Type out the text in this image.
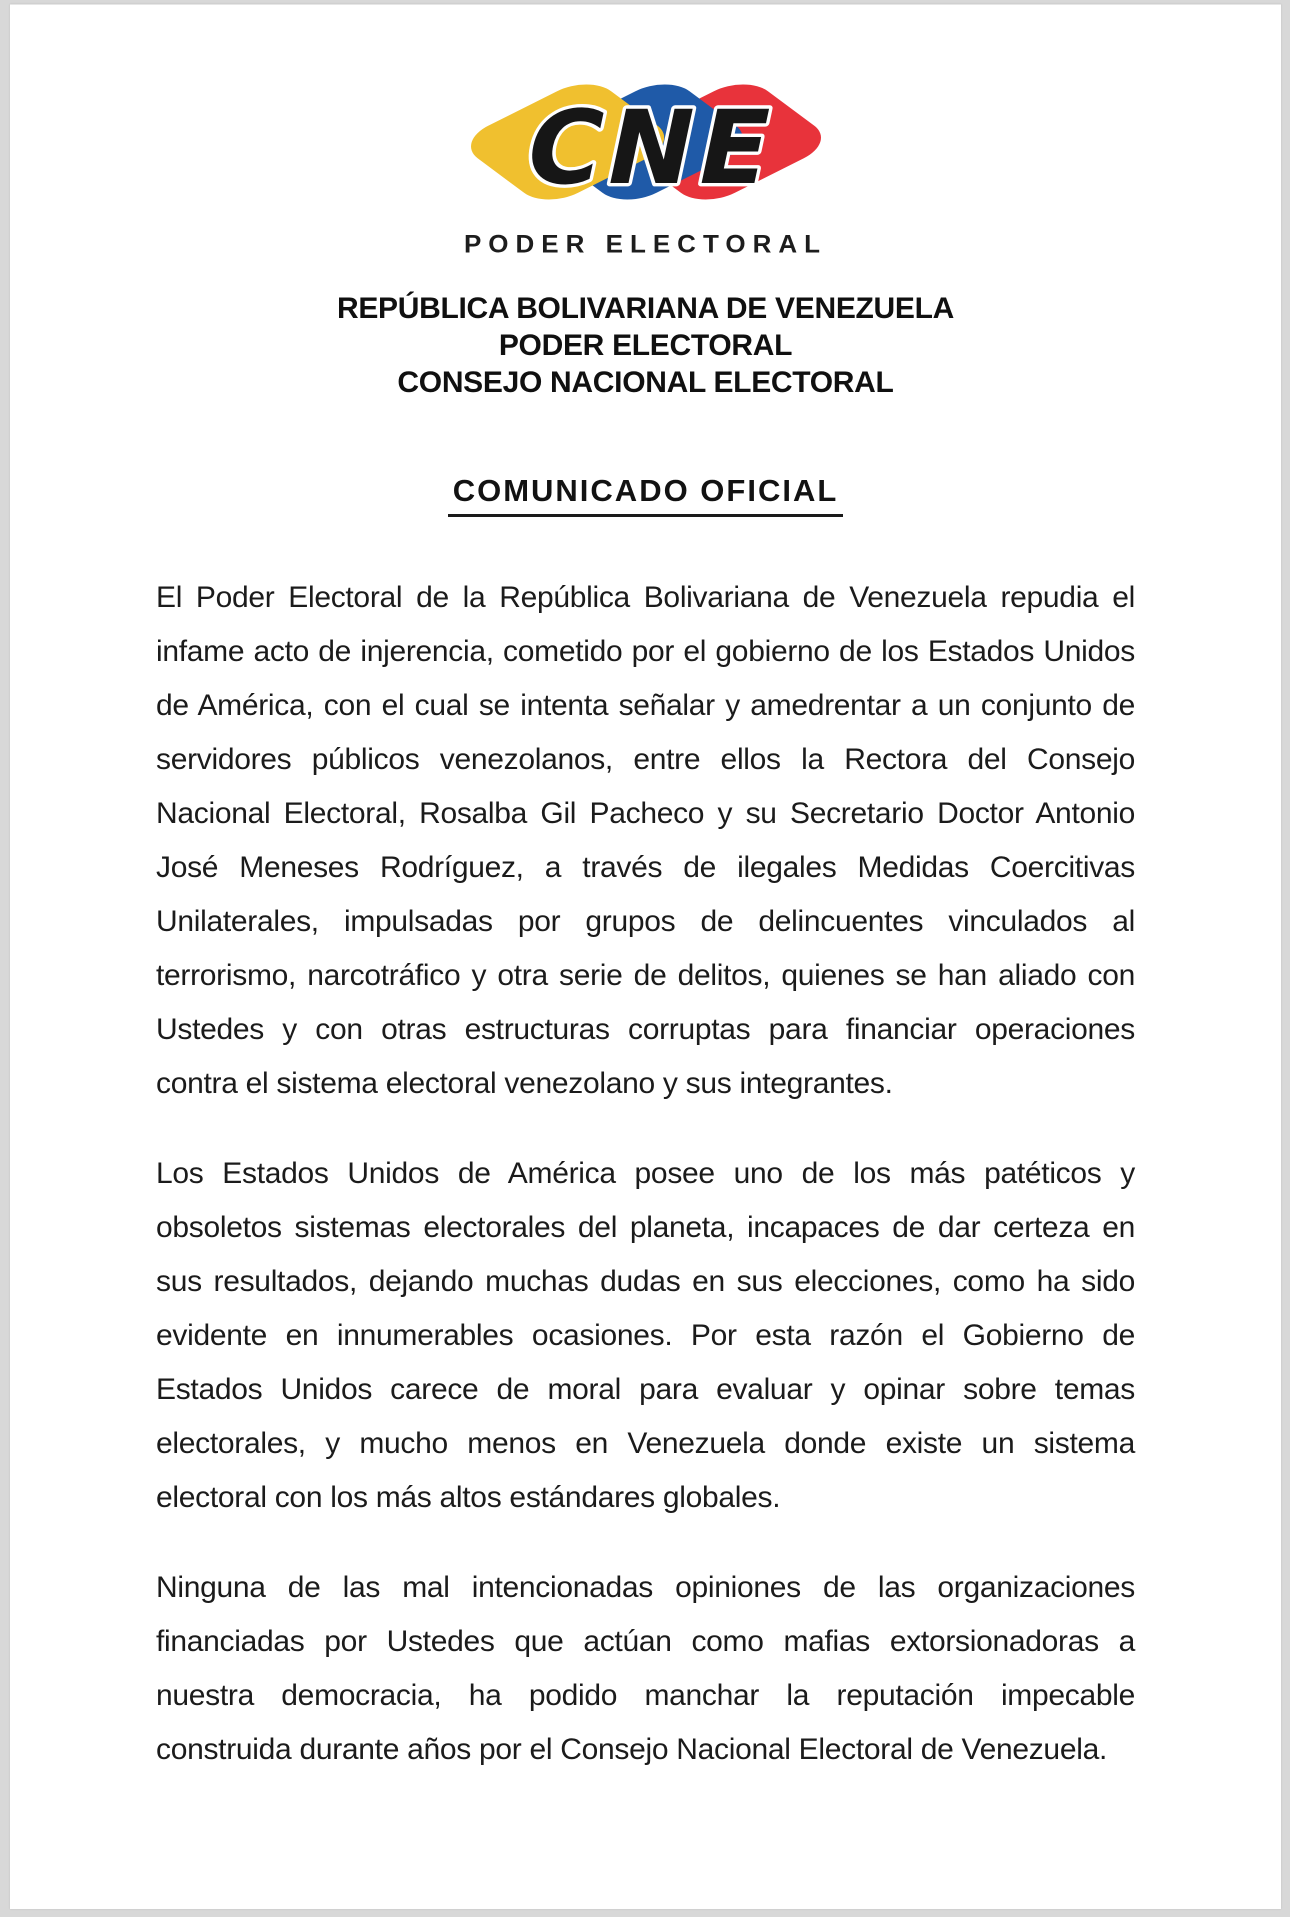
CNE
PODER ELECTORAL
REPÚBLICA BOLIVARIANA DE VENEZUELA
PODER ELECTORAL
CONSEJO NACIONAL ELECTORAL
COMUNICADO OFICIAL

El Poder Electoral de la República Bolivariana de Venezuela repudia el infame acto de injerencia, cometido por el gobierno de los Estados Unidos de América, con el cual se intenta señalar y amedrentar a un conjunto de servidores públicos venezolanos, entre ellos la Rectora del Consejo Nacional Electoral, Rosalba Gil Pacheco y su Secretario Doctor Antonio José Meneses Rodríguez, a través de ilegales Medidas Coercitivas Unilaterales, impulsadas por grupos de delincuentes vinculados al terrorismo, narcotráfico y otra serie de delitos, quienes se han aliado con Ustedes y con otras estructuras corruptas para financiar operaciones contra el sistema electoral venezolano y sus integrantes.

Los Estados Unidos de América posee uno de los más patéticos y obsoletos sistemas electorales del planeta, incapaces de dar certeza en sus resultados, dejando muchas dudas en sus elecciones, como ha sido evidente en innumerables ocasiones. Por esta razón el Gobierno de Estados Unidos carece de moral para evaluar y opinar sobre temas electorales, y mucho menos en Venezuela donde existe un sistema electoral con los más altos estándares globales.

Ninguna de las mal intencionadas opiniones de las organizaciones financiadas por Ustedes que actúan como mafias extorsionadoras a nuestra democracia, ha podido manchar la reputación impecable construida durante años por el Consejo Nacional Electoral de Venezuela.
